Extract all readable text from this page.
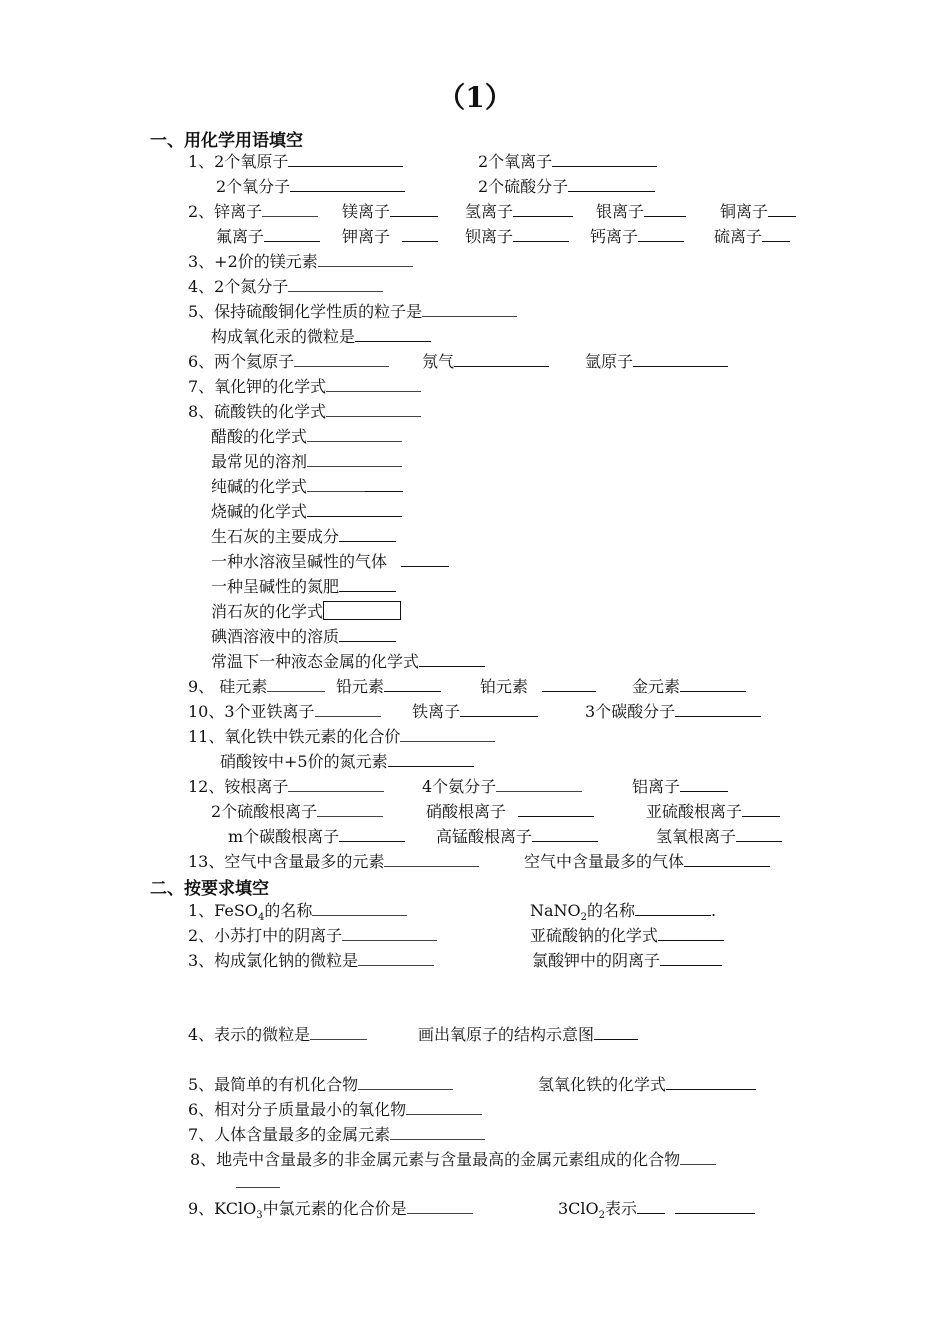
（1）
一、用化学用语填空
1、2个氧原子	2个氧离子
2个氧分子	2个硫酸分子
2、锌离子	镁离子	氢离子	银离子	铜离子
氟离子	钾离子	钡离子	钙离子	硫离子
3、+2价的镁元素
4、2个氮分子
5、保持硫酸铜化学性质的粒子是
构成氧化汞的微粒是
6、两个氦原子	氖气	氩原子
7、氧化钾的化学式
8、硫酸铁的化学式
醋酸的化学式
最常见的溶剂
纯碱的化学式
烧碱的化学式
生石灰的主要成分
一种水溶液呈碱性的气体
一种呈碱性的氮肥
消石灰的化学式
碘酒溶液中的溶质
常温下一种液态金属的化学式
9、 硅元素	铅元素	铂元素	金元素
10、3个亚铁离子	铁离子	3个碳酸分子
11、氧化铁中铁元素的化合价
硝酸铵中+5价的氮元素
12、铵根离子	4个氨分子	铝离子
2个硫酸根离子	硝酸根离子	亚硫酸根离子
m个碳酸根离子	高锰酸根离子	氢氧根离子
13、空气中含量最多的元素	空气中含量最多的气体
二、按要求填空
1、FeSO$_4$的名称	NaNO$_2$的名称	.
2、小苏打中的阴离子	亚硫酸钠的化学式
3、构成氯化钠的微粒是	氯酸钾中的阴离子
4、表示的微粒是	画出氧原子的结构示意图
5、最简单的有机化合物	氢氧化铁的化学式
6、相对分子质量最小的氧化物
7、人体含量最多的金属元素
8、地壳中含量最多的非金属元素与含量最高的金属元素组成的化合物
9、KClO$_3$中氯元素的化合价是	3ClO$_2$表示
